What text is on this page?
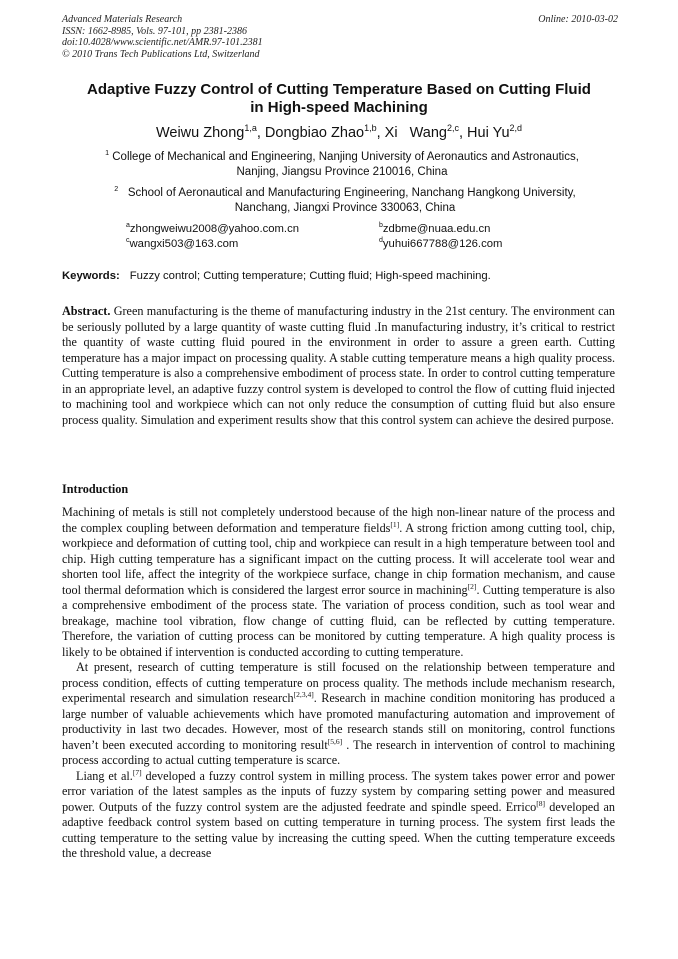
Advanced Materials Research
ISSN: 1662-8985, Vols. 97-101, pp 2381-2386
doi:10.4028/www.scientific.net/AMR.97-101.2381
© 2010 Trans Tech Publications Ltd, Switzerland
Online: 2010-03-02
Adaptive Fuzzy Control of Cutting Temperature Based on Cutting Fluid
in High-speed Machining
Weiwu Zhong$^{1,a}$, Dongbiao Zhao$^{1,b}$, Xi   Wang$^{2,c}$, Hui Yu$^{2,d}$
$^1$ College of Mechanical and Engineering, Nanjing University of Aeronautics and Astronautics,
Nanjing, Jiangsu Province 210016, China
$^2$ School of Aeronautical and Manufacturing Engineering, Nanchang Hangkong University,
Nanchang, Jiangxi Province 330063, China
$^a$zhongweiwu2008@yahoo.com.cn	$^b$zdbme@nuaa.edu.cn
$^c$wangxi503@163.com	$^d$yuhui667788@126.com
Keywords: Fuzzy control; Cutting temperature; Cutting fluid; High-speed machining.

Abstract. Green manufacturing is the theme of manufacturing industry in the 21st century. The environment can be seriously polluted by a large quantity of waste cutting fluid .In manufacturing industry, it’s critical to restrict the quantity of waste cutting fluid poured in the environment in order to assure a green earth. Cutting temperature has a major impact on processing quality. A stable cutting temperature means a high quality process. Cutting temperature is also a comprehensive embodiment of process state. In order to control cutting temperature in an appropriate level, an adaptive fuzzy control system is developed to control the flow of cutting fluid injected to machining tool and workpiece which can not only reduce the consumption of cutting fluid but also ensure process quality. Simulation and experiment results show that this control system can achieve the desired purpose.

Introduction

Machining of metals is still not completely understood because of the high non-linear nature of the process and the complex coupling between deformation and temperature fields[1]. A strong friction among cutting tool, chip, workpiece and deformation of cutting tool, chip and workpiece can result in a high temperature between tool and chip. High cutting temperature has a significant impact on the cutting process. It will accelerate tool wear and shorten tool life, affect the integrity of the workpiece surface, change in chip formation mechanism, and cause tool thermal deformation which is considered the largest error source in machining[2]. Cutting temperature is also a comprehensive embodiment of the process state. The variation of process condition, such as tool wear and breakage, machine tool vibration, flow change of cutting fluid, can be reflected by cutting temperature. Therefore, the variation of cutting process can be monitored by cutting temperature. A high quality process is likely to be obtained if intervention is conducted according to cutting temperature.

At present, research of cutting temperature is still focused on the relationship between temperature and process condition, effects of cutting temperature on process quality. The methods include mechanism research, experimental research and simulation research[2,3,4]. Research in machine condition monitoring has produced a large number of valuable achievements which have promoted manufacturing automation and improvement of productivity in last two decades. However, most of the research stands still on monitoring, control functions haven’t been executed according to monitoring result[5,6] . The research in intervention of control to machining process according to actual cutting temperature is scarce.

Liang et al.[7] developed a fuzzy control system in milling process. The system takes power error and power error variation of the latest samples as the inputs of fuzzy system by comparing setting power and measured power. Outputs of the fuzzy control system are the adjusted feedrate and spindle speed. Errico[8] developed an adaptive feedback control system based on cutting temperature in turning process. The system first leads the cutting temperature to the setting value by increasing the cutting speed. When the cutting temperature exceeds the threshold value, a decrease
